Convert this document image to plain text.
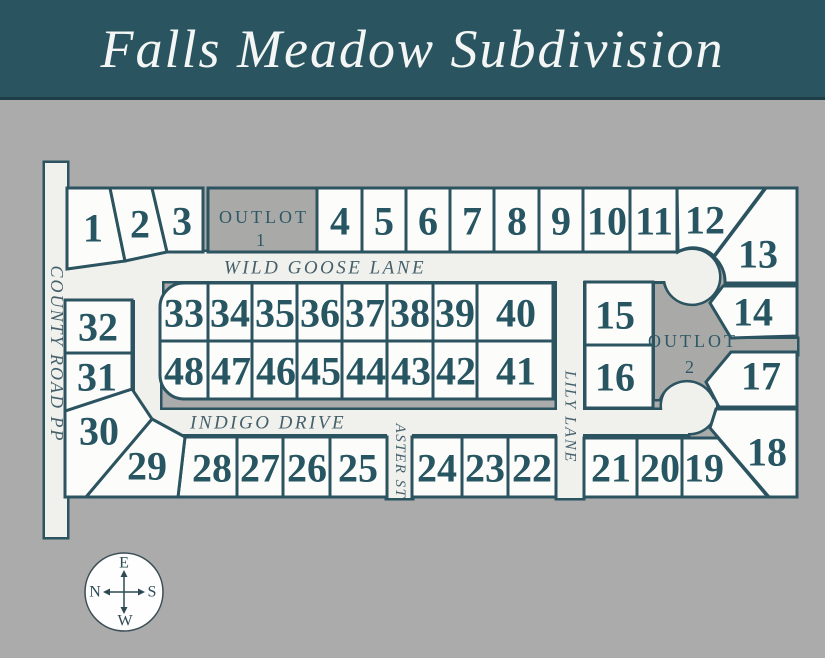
Falls Meadow Subdivision
WILD GOOSE LANE
INDIGO DRIVE
COUNTY ROAD PP
ASTER ST	LILY LANE
OUTLOT
1
OUTLOT
2
1 2 3	4 5 6 7 8 9 10 11 12
13
14
15
16	17
18
19
20
21
22
23
24
25
26
27
28
29
30
31
32 33 34 35 36 37 38 39 40
41
42
43
44
45
46
47
48
E
N	S
W
